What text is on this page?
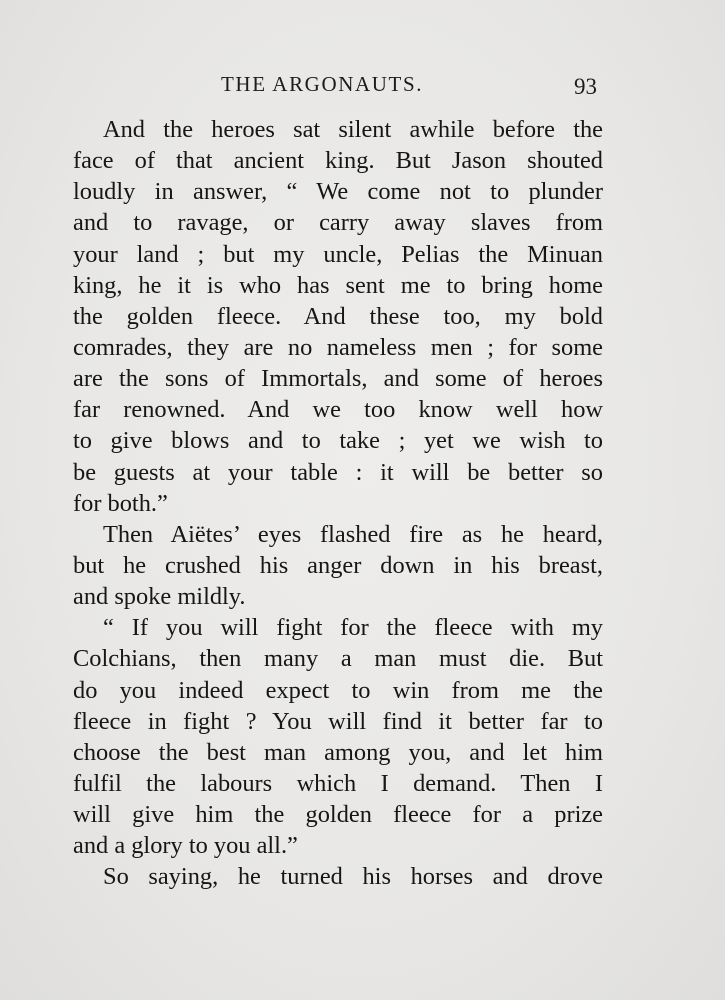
THE ARGONAUTS.	93
And the heroes sat silent awhile before the
face of that ancient king. But Jason shouted
loudly in answer, “ We come not to plunder
and to ravage, or carry away slaves from
your land ; but my uncle, Pelias the Minuan
king, he it is who has sent me to bring home
the golden fleece. And these too, my bold
comrades, they are no nameless men ; for some
are the sons of Immortals, and some of heroes
far renowned. And we too know well how
to give blows and to take ; yet we wish to
be guests at your table : it will be better so
for both.”
Then Aiëtes’ eyes flashed fire as he heard,
but he crushed his anger down in his breast,
and spoke mildly.
“ If you will fight for the fleece with my
Colchians, then many a man must die. But
do you indeed expect to win from me the
fleece in fight ? You will find it better far to
choose the best man among you, and let him
fulfil the labours which I demand. Then I
will give him the golden fleece for a prize
and a glory to you all.”
So saying, he turned his horses and drove
